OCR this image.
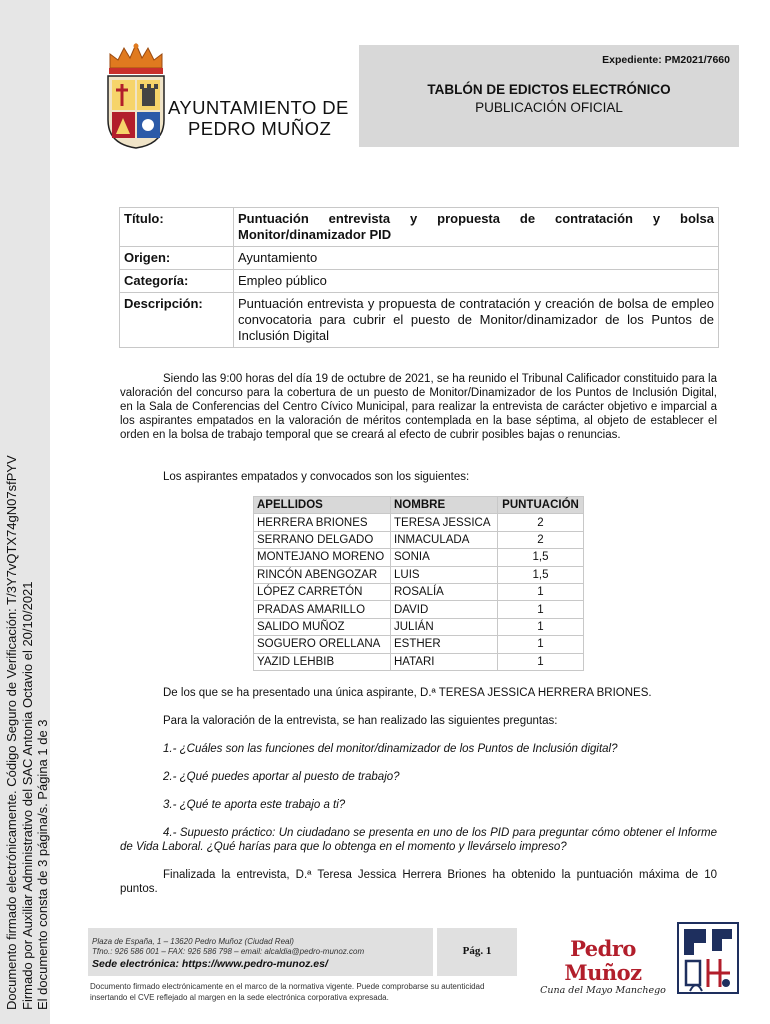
Documento firmado electrónicamente. Código Seguro de Verificación: T/3Y7vQTX74gN07sfPYV Firmado por Auxiliar Administrativo del SAC Antonia Octavio el 20/10/2021 El documento consta de 3 página/s. Página 1 de 3
AYUNTAMIENTO DE
PEDRO MUÑOZ
Expediente: PM2021/7660
TABLÓN DE EDICTOS ELECTRÓNICO
PUBLICACIÓN OFICIAL
Título:	Puntuación entrevista y propuesta de contratación y bolsa Monitor/dinamizador PID
Origen:	Ayuntamiento
Categoría:	Empleo público
Descripción:	Puntuación entrevista y propuesta de contratación y creación de bolsa de empleo convocatoria para cubrir el puesto de Monitor/dinamizador de los Puntos de Inclusión Digital

Siendo las 9:00 horas del día 19 de octubre de 2021, se ha reunido el Tribunal Calificador constituido para la valoración del concurso para la cobertura de un puesto de Monitor/Dinamizador de los Puntos de Inclusión Digital, en la Sala de Conferencias del Centro Cívico Municipal, para realizar la entrevista de carácter objetivo e imparcial a los aspirantes empatados en la valoración de méritos contemplada en la base séptima, al objeto de establecer el orden en la bolsa de trabajo temporal que se creará al efecto de cubrir posibles bajas o renuncias.

Los aspirantes empatados y convocados son los siguientes:

APELLIDOS	NOMBRE	PUNTUACIÓN
HERRERA BRIONES	TERESA JESSICA	2
SERRANO DELGADO	INMACULADA	2
MONTEJANO MORENO	SONIA	1,5
RINCÓN ABENGOZAR	LUIS	1,5
LÓPEZ CARRETÓN	ROSALÍA	1
PRADAS AMARILLO	DAVID	1
SALIDO MUÑOZ	JULIÁN	1
SOGUERO ORELLANA	ESTHER	1
YAZID LEHBIB	HATARI	1

De los que se ha presentado una única aspirante, D.ª TERESA JESSICA HERRERA BRIONES.

Para la valoración de la entrevista, se han realizado las siguientes preguntas:

1.- ¿Cuáles son las funciones del monitor/dinamizador de los Puntos de Inclusión digital?

2.- ¿Qué puedes aportar al puesto de trabajo?

3.- ¿Qué te aporta este trabajo a ti?

4.- Supuesto práctico: Un ciudadano se presenta en uno de los PID para preguntar cómo obtener el Informe de Vida Laboral. ¿Qué harías para que lo obtenga en el momento y llevárselo impreso?

Finalizada la entrevista, D.ª Teresa Jessica Herrera Briones ha obtenido la puntuación máxima de 10 puntos.

Plaza de España, 1 – 13620 Pedro Muñoz (Ciudad Real)
Tfno.: 926 586 001 – FAX: 926 586 798 – email: alcaldia@pedro-munoz.com
Sede electrónica: https://www.pedro-munoz.es/
Pág. 1
Documento firmado electrónicamente en el marco de la normativa vigente. Puede comprobarse su autenticidad insertando el CVE reflejado al margen en la sede electrónica corporativa expresada.
Pedro Muñoz
Cuna del Mayo Manchego
